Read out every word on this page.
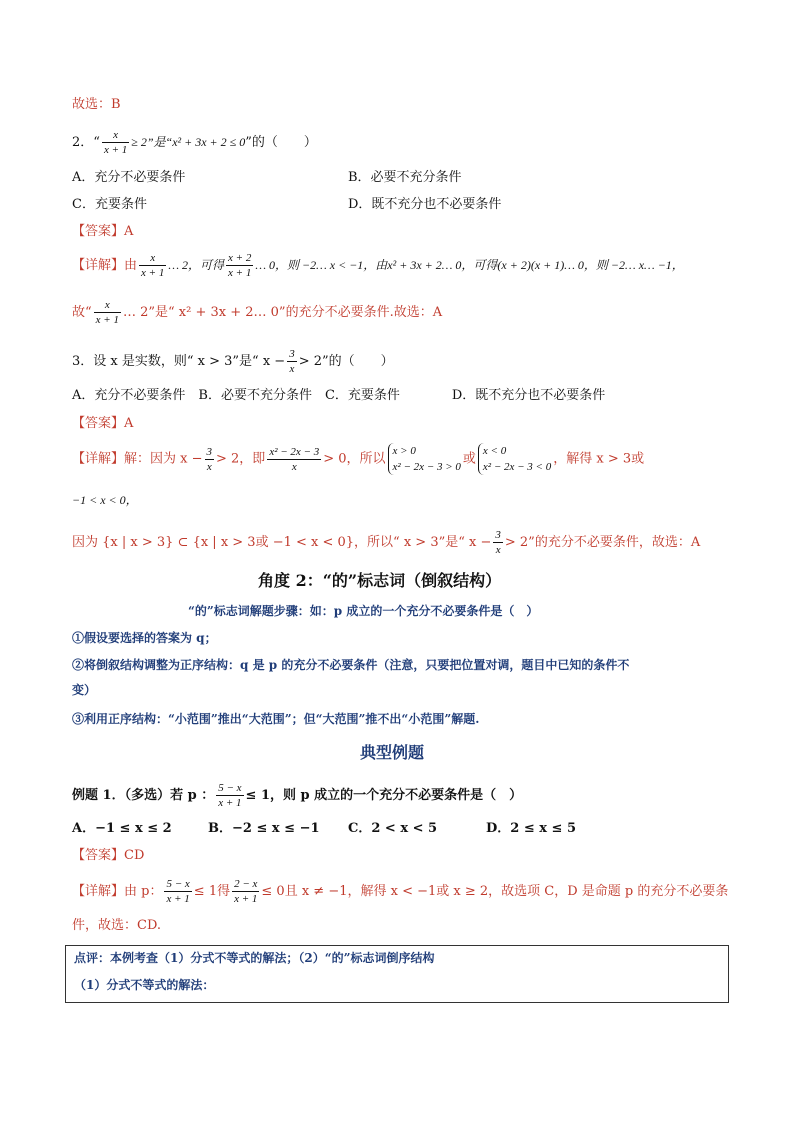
故选：B
2．“ $\frac{x}{x + 1} \ge 2$”是“x² + 3x + 2 ≤ 0”的（　　）
A．充分不必要条件	B．必要不充分条件
C．充要条件	D．既不充分也不必要条件
【答案】A
【详解】由 $\frac{x}{x + 1}$ … 2，可得 $\frac{x + 2}{x + 1}$ … 0，则 −2… x < −1，由x² + 3x + 2… 0，可得(x + 2)(x + 1)… 0，则 −2… x… −1，
故“ $\frac{x}{x + 1}$ … 2”是“ x² + 3x + 2… 0”的充分不必要条件.故选：A
3．设 x 是实数，则“ x > 3”是“ $x - \frac{3}{x} > 2$”的（　　）
A．充分不必要条件　B．必要不充分条件　C．充要条件　　　　D．既不充分也不必要条件
【答案】A
【详解】解：因为 $x - \frac{3}{x} > 2$，即 $\frac{\text{x² − 2x − 3}}{x} > 0$，所以
x > 0
x² − 2x − 3 > 0
或
x < 0
x² − 2x − 3 < 0
，解得 x > 3或
−1 < x < 0，
因为 {x | x > 3} ⊂ {x | x > 3或 −1 < x < 0}，所以“ x > 3”是“ $x - \frac{3}{x} > 2$”的充分不必要条件，故选：A
角度 2：“的”标志词（倒叙结构）
“的”标志词解题步骤：如：p 成立的一个充分不必要条件是（　）
①假设要选择的答案为 q；
②将倒叙结构调整为正序结构：q 是 p 的充分不必要条件（注意，只要把位置对调，题目中已知的条件不
变）
③利用正序结构：“小范围”推出“大范围”；但“大范围”推不出“小范围”解题.
典型例题
例题 1．（多选）若 p ： $\frac{5 - x}{x + 1} \le 1$，则 p 成立的一个充分不必要条件是（　）
A．−1 ≤ x ≤ 2	B．−2 ≤ x ≤ −1 C．2 < x < 5	D．2 ≤ x ≤ 5
【答案】CD
【详解】由 p： $\frac{5 - x}{x + 1} \le 1$得 $\frac{2 - x}{x + 1} \le 0$且 x ≠ −1，解得 x < −1或 x ≥ 2，故选项 C，D 是命题 p 的充分不必要条
件，故选：CD.
点评：本例考查（1）分式不等式的解法；（2）“的”标志词倒序结构
（1）分式不等式的解法：
